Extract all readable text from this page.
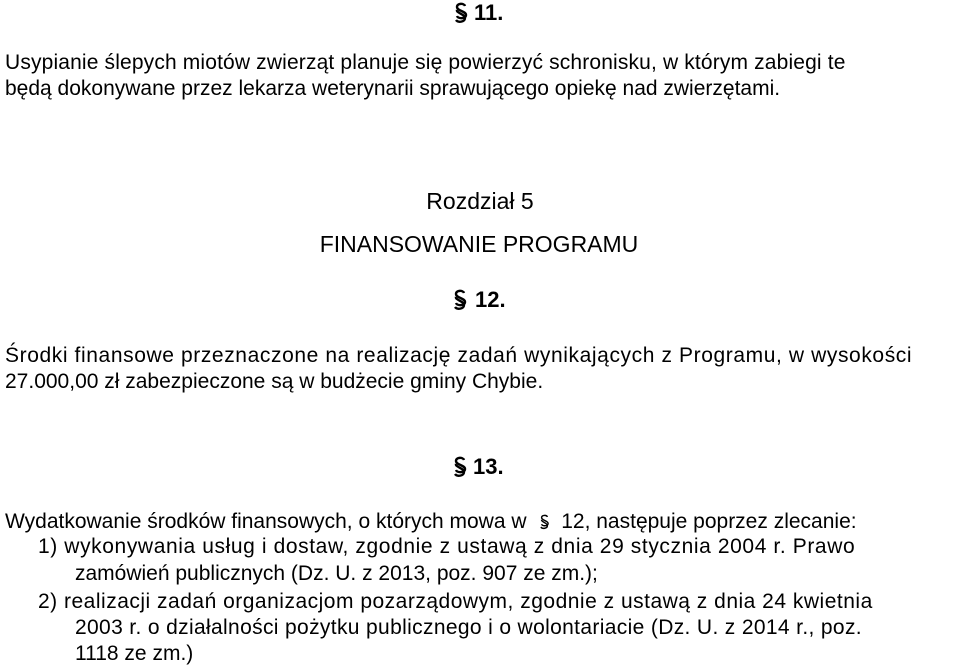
11.
Usypianie ślepych miotów zwierząt planuje się powierzyć schronisku, w którym zabiegi te
będą dokonywane przez lekarza weterynarii sprawującego opiekę nad zwierzętami.
Rozdział 5
FINANSOWANIE PROGRAMU
12.
Środki finansowe przeznaczone na realizację zadań wynikających z Programu, w wysokości
27.000,00 zł zabezpieczone są w budżecie gminy Chybie.
13.
Wydatkowanie środków finansowych, o których mowa w 12, następuje poprzez zlecanie:
1) wykonywania usług i dostaw, zgodnie z ustawą z dnia 29 stycznia 2004 r. Prawo
zamówień publicznych (Dz. U. z 2013, poz. 907 ze zm.);
2) realizacji zadań organizacjom pozarządowym, zgodnie z ustawą z dnia 24 kwietnia
2003 r. o działalności pożytku publicznego i o wolontariacie (Dz. U. z 2014 r., poz.
1118 ze zm.)
